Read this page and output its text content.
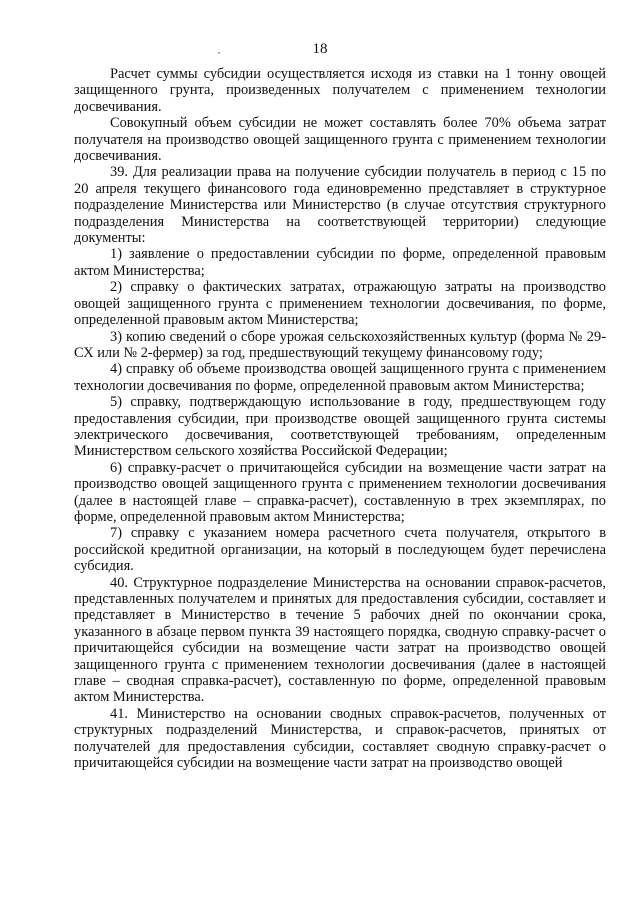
18

Расчет суммы субсидии осуществляется исходя из ставки на 1 тонну овощей защищенного грунта, произведенных получателем с применением технологии досвечивания.

Совокупный объем субсидии не может составлять более 70% объема затрат получателя на производство овощей защищенного грунта с применением технологии досвечивания.

39. Для реализации права на получение субсидии получатель в период с 15 по 20 апреля текущего финансового года единовременно представляет в структурное подразделение Министерства или Министерство (в случае отсутствия структурного подразделения Министерства на соответствующей территории) следующие документы:

1) заявление о предоставлении субсидии по форме, определенной правовым актом Министерства;

2) справку о фактических затратах, отражающую затраты на производство овощей защищенного грунта с применением технологии досвечивания, по форме, определенной правовым актом Министерства;

3) копию сведений о сборе урожая сельскохозяйственных культур (форма № 29-СХ или № 2-фермер) за год, предшествующий текущему финансовому году;

4) справку об объеме производства овощей защищенного грунта с применением технологии досвечивания по форме, определенной правовым актом Министерства;

5) справку, подтверждающую использование в году, предшествующем году предоставления субсидии, при производстве овощей защищенного грунта системы электрического досвечивания, соответствующей требованиям, определенным Министерством сельского хозяйства Российской Федерации;

6) справку-расчет о причитающейся субсидии на возмещение части затрат на производство овощей защищенного грунта с применением технологии досвечивания (далее в настоящей главе – справка-расчет), составленную в трех экземплярах, по форме, определенной правовым актом Министерства;

7) справку с указанием номера расчетного счета получателя, открытого в российской кредитной организации, на который в последующем будет перечислена субсидия.

40. Структурное подразделение Министерства на основании справок-расчетов, представленных получателем и принятых для предоставления субсидии, составляет и представляет в Министерство в течение 5 рабочих дней по окончании срока, указанного в абзаце первом пункта 39 настоящего порядка, сводную справку-расчет о причитающейся субсидии на возмещение части затрат на производство овощей защищенного грунта с применением технологии досвечивания (далее в настоящей главе – сводная справка-расчет), составленную по форме, определенной правовым актом Министерства.

41. Министерство на основании сводных справок-расчетов, полученных от структурных подразделений Министерства, и справок-расчетов, принятых от получателей для предоставления субсидии, составляет сводную справку-расчет о причитающейся субсидии на возмещение части затрат на производство овощей
